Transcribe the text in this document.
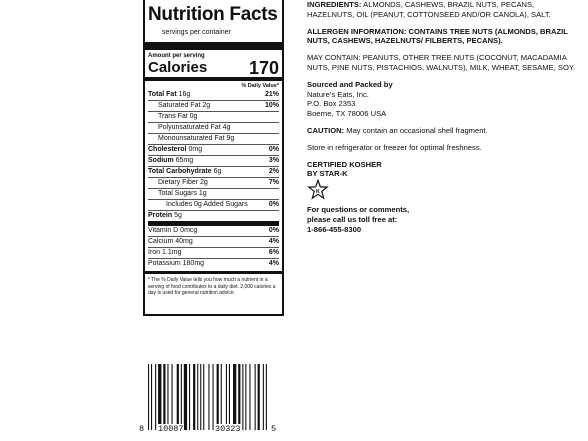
Nutrition Facts
servings per container
Amount per serving
Calories 170
% Daily Value*
Total Fat 16g	21%
Saturated Fat 2g	10%
Trans Fat 0g
Polyunsaturated Fat 4g
Monounsaturated Fat 9g
Cholesterol 0mg	0%
Sodium 65mg	3%
Total Carbohydrate 6g	2%
Dietary Fiber 2g	7%
Total Sugars 1g
Includes 0g Added Sugars	0%
Protein 5g
Vitamin D 0mcg	0%
Calcium 40mg	4%
Iron 1.1mg	6%
Potassium 180mg	4%
* The % Daily Value tells you how much a nutrient in a serving of food contributes to a daily diet. 2,000 calories a day is used for general nutrition advice.

INGREDIENTS: ALMONDS, CASHEWS, BRAZIL NUTS, PECANS, HAZELNUTS, OIL (PEANUT, COTTONSEED AND/OR CANOLA), SALT.

ALLERGEN INFORMATION: CONTAINS TREE NUTS (ALMONDS, BRAZIL NUTS, CASHEWS, HAZELNUTS/ FILBERTS, PECANS).

MAY CONTAIN: PEANUTS, OTHER TREE NUTS (COCONUT, MACADAMIA NUTS, PINE NUTS, PISTACHIOS, WALNUTS), MILK, WHEAT, SESAME, SOY.

Sourced and Packed by
Nature’s Eats, Inc.
P.O. Box 2353
Boerne, TX 78006 USA

CAUTION: May contain an occasional shell fragment.

Store in refrigerator or freezer for optimal freshness.

CERTIFIED KOSHER
BY STAR-K

K

For questions or comments,
please call us toll free at:
1-866-455-8300

8 10087	30323	5
